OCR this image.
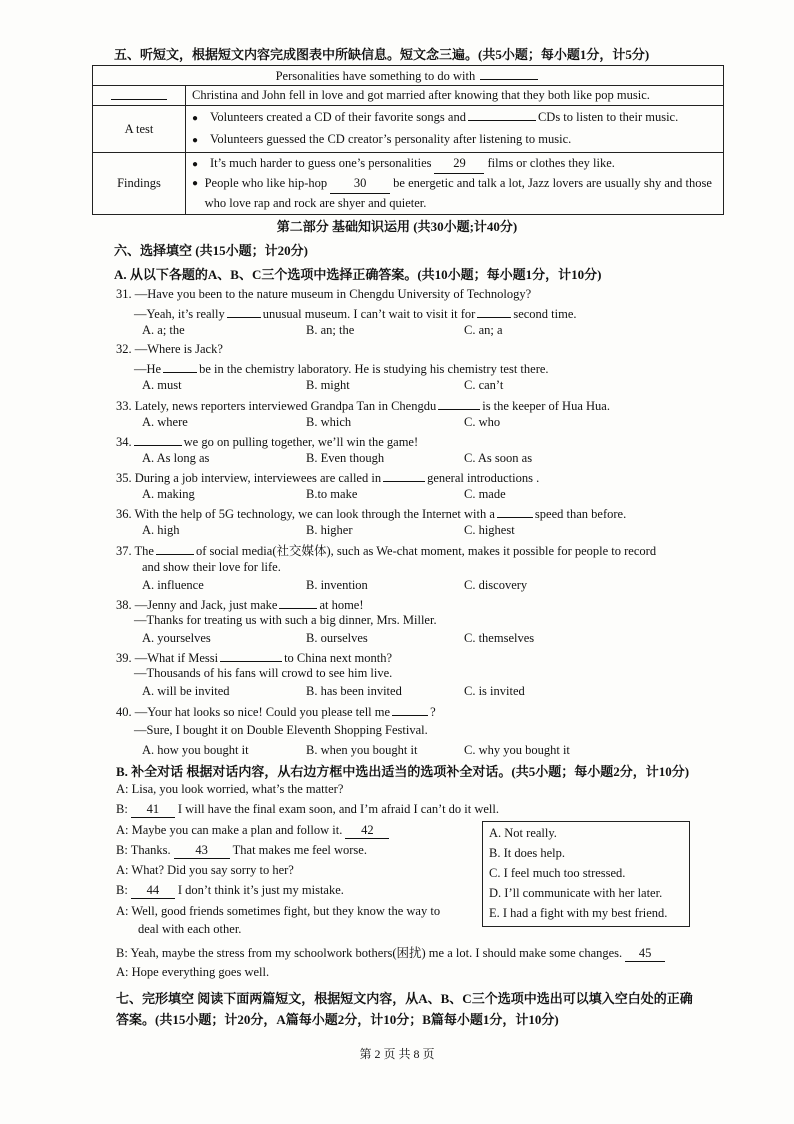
五、听短文，根据短文内容完成图表中所缺信息。短文念三遍。(共5小题；每小题1分，计5分)
Personalities have something to do with	
	Christina and John fell in love and got married after knowing that they both like pop music.
A test	● Volunteers created a CD of their favorite songs and CDs to listen to their music.
● Volunteers guessed the CD creator’s personality after listening to music.

Findings	● It’s much harder to guess one’s personalities 29 films or clothes they like.
● People who like hip-hop 30 be energetic and talk a lot, Jazz lovers are usually shy and those who love rap and rock are shyer and quieter.
第二部分 基础知识运用 (共30小题;计40分)
六、选择填空 (共15小题；计20分)
A. 从以下各题的A、B、C三个选项中选择正确答案。(共10小题；每小题1分，计10分)
31. —Have you been to the nature museum in Chengdu University of Technology?
—Yeah, it’s really	unusual museum. I can’t wait to visit it for	second time.
A. a; the	B. an; the	C. an; a
32. —Where is Jack?
—He	be in the chemistry laboratory. He is studying his chemistry test there.
A. must	B. might	C. can’t
33. Lately, news reporters interviewed Grandpa Tan in Chengdu	is the keeper of Hua Hua.
A. where	B. which	C. who
34.	we go on pulling together, we’ll win the game!
A. As long as	B. Even though	C. As soon as
35. During a job interview, interviewees are called in	general introductions .
A. making	B.to make	C. made
36. With the help of 5G technology, we can look through the Internet with a	speed than before.
A. high	B. higher	C. highest
37. The	of social media(社交媒体), such as We-chat moment, makes it possible for people to record
and show their love for life.
A. influence	B. invention	C. discovery
38. —Jenny and Jack, just make	at home!
—Thanks for treating us with such a big dinner, Mrs. Miller.
A. yourselves	B. ourselves	C. themselves
39. —What if Messi	to China next month?
—Thousands of his fans will crowd to see him live.
A. will be invited	B. has been invited	C. is invited
40. —Your hat looks so nice! Could you please tell me	?
—Sure, I bought it on Double Eleventh Shopping Festival.
A. how you bought it	B. when you bought it	C. why you bought it
B. 补全对话 根据对话内容，从右边方框中选出适当的选项补全对话。(共5小题；每小题2分，计10分)
A: Lisa, you look worried, what’s the matter?
B: 41 I will have the final exam soon, and I’m afraid I can’t do it well.
A: Maybe you can make a plan and follow it. 42
B: Thanks. 43 That makes me feel worse.
A: What? Did you say sorry to her?
B: 44 I don’t think it’s just my mistake.
A: Well, good friends sometimes fight, but they know the way to
deal with each other.
B: Yeah, maybe the stress from my schoolwork bothers(困扰) me a lot. I should make some changes. 45
A: Hope everything goes well.
A. Not really.
B. It does help.
C. I feel much too stressed.
D. I’ll communicate with her later.
E. I had a fight with my best friend.
七、完形填空 阅读下面两篇短文，根据短文内容，从A、B、C三个选项中选出可以填入空白处的正确
答案。(共15小题；计20分，A篇每小题2分，计10分；B篇每小题1分，计10分)
第 2 页 共 8 页
